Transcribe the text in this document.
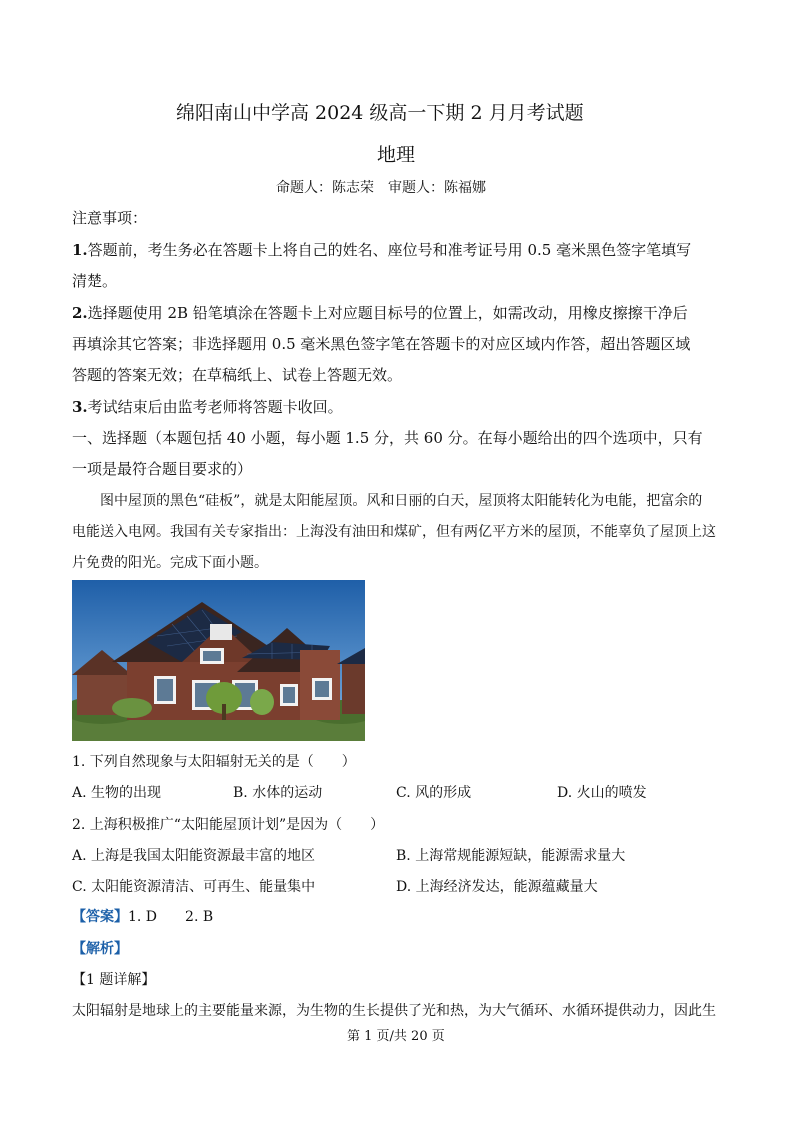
绵阳南山中学高 2024 级高一下期 2 月月考试题
地理
命题人：陈志荣　审题人：陈福娜
注意事项：
1.答题前，考生务必在答题卡上将自己的姓名、座位号和准考证号用 0.5 毫米黑色签字笔填写
清楚。
2.选择题使用 2B 铅笔填涂在答题卡上对应题目标号的位置上，如需改动，用橡皮擦擦干净后
再填涂其它答案；非选择题用 0.5 毫米黑色签字笔在答题卡的对应区域内作答，超出答题区域
答题的答案无效；在草稿纸上、试卷上答题无效。
3.考试结束后由监考老师将答题卡收回。
一、选择题（本题包括 40 小题，每小题 1.5 分，共 60 分。在每小题给出的四个选项中，只有
一项是最符合题目要求的）
图中屋顶的黑色“硅板”，就是太阳能屋顶。风和日丽的白天，屋顶将太阳能转化为电能，把富余的
电能送入电网。我国有关专家指出：上海没有油田和煤矿，但有两亿平方米的屋顶，不能辜负了屋顶上这
片免费的阳光。完成下面小题。
1. 下列自然现象与太阳辐射无关的是（　　）
A. 生物的出现	B. 水体的运动	C. 风的形成	D. 火山的喷发
2. 上海积极推广“太阳能屋顶计划”是因为（　　）
A. 上海是我国太阳能资源最丰富的地区	B. 上海常规能源短缺，能源需求量大
C. 太阳能资源清洁、可再生、能量集中	D. 上海经济发达，能源蕴藏量大
【答案】1. D　　2. B
【解析】
【1 题详解】
太阳辐射是地球上的主要能量来源，为生物的生长提供了光和热，为大气循环、水循环提供动力，因此生
第 1 页/共 20 页
